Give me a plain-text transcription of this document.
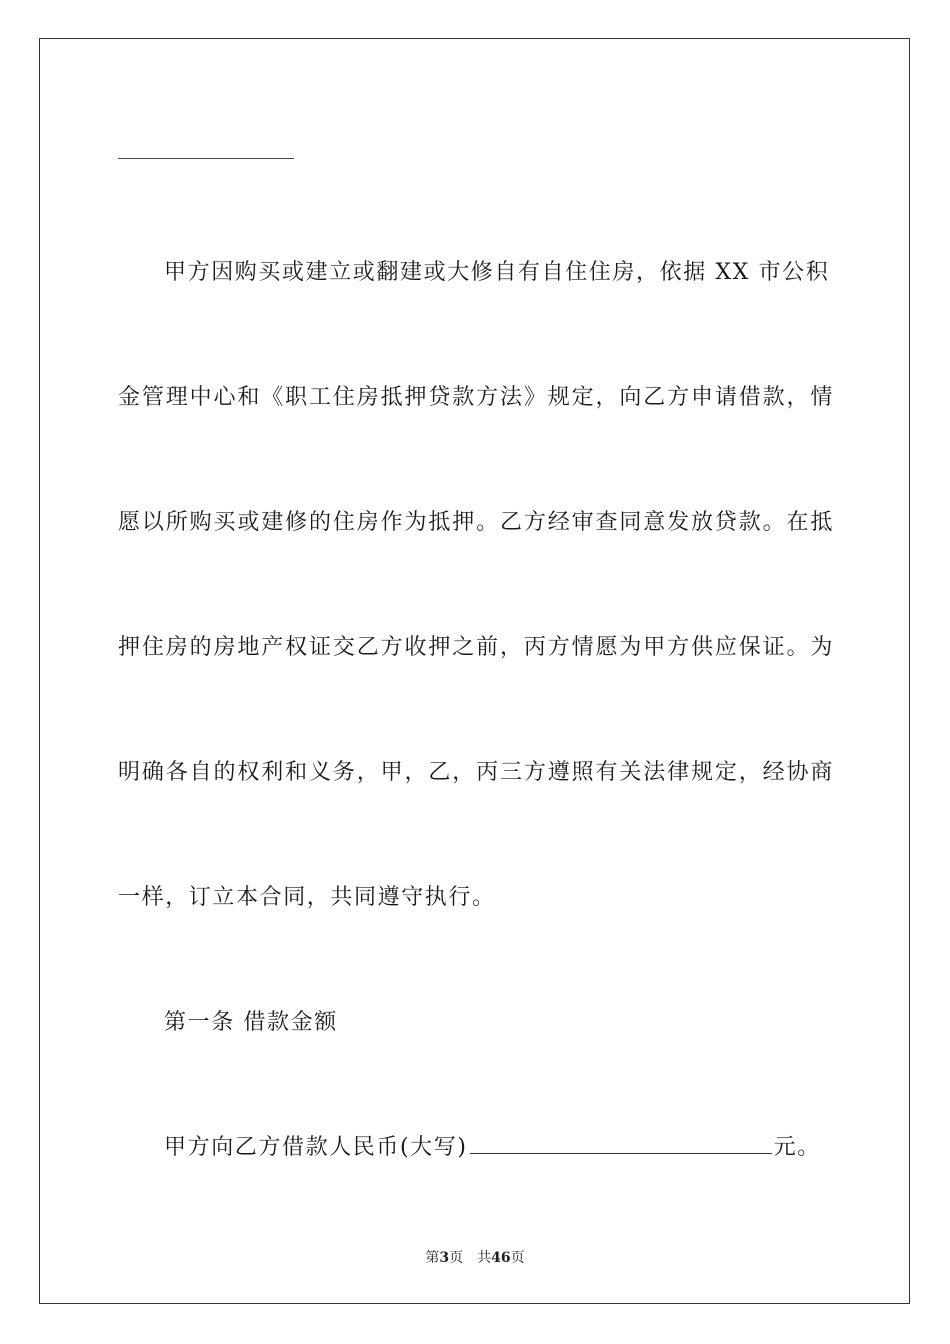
甲方因购买或建立或翻建或大修自有自住住房，依据 XX 市公积
金管理中心和《职工住房抵押贷款方法》规定，向乙方申请借款，情
愿以所购买或建修的住房作为抵押。乙方经审查同意发放贷款。在抵
押住房的房地产权证交乙方收押之前，丙方情愿为甲方供应保证。为
明确各自的权利和义务，甲，乙，丙三方遵照有关法律规定，经协商
一样，订立本合同，共同遵守执行。
第一条 借款金额
甲方向乙方借款人民币(大写)	元。
第3页 共46页
